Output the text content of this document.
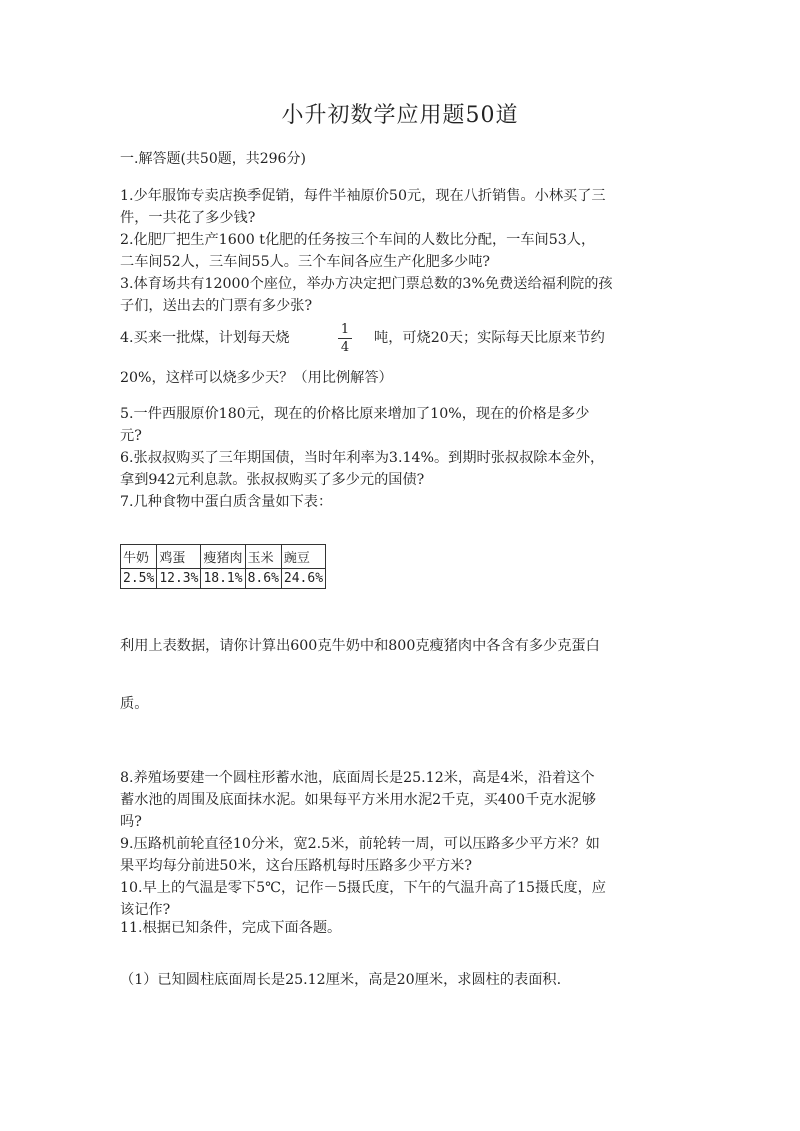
小升初数学应用题50道
一.解答题(共50题，共296分)
1.少年服饰专卖店换季促销，每件半袖原价50元，现在八折销售。小林买了三
件，一共花了多少钱?
2.化肥厂把生产1600 t化肥的任务按三个车间的人数比分配，一车间53人，
二车间52人，三车间55人。三个车间各应生产化肥多少吨?
3.体育场共有12000个座位，举办方决定把门票总数的3%免费送给福利院的孩
子们，送出去的门票有多少张?
4.买来一批煤，计划每天烧
1
4
吨，可烧20天；实际每天比原来节约
20%，这样可以烧多少天？（用比例解答）
5.一件西服原价180元，现在的价格比原来增加了10%，现在的价格是多少
元?
6.张叔叔购买了三年期国债，当时年利率为3.14%。到期时张叔叔除本金外，
拿到942元利息款。张叔叔购买了多少元的国债?
7.几种食物中蛋白质含量如下表：
牛奶	鸡蛋	瘦猪肉	玉米	豌豆
2.5%	12.3%	18.1%	8.6%	24.6%
利用上表数据，请你计算出600克牛奶中和800克瘦猪肉中各含有多少克蛋白
质。
8.养殖场要建一个圆柱形蓄水池，底面周长是25.12米，高是4米，沿着这个
蓄水池的周围及底面抹水泥。如果每平方米用水泥2千克，买400千克水泥够
吗?
9.压路机前轮直径10分米，宽2.5米，前轮转一周，可以压路多少平方米？如
果平均每分前进50米，这台压路机每时压路多少平方米?
10.早上的气温是零下5℃，记作－5摄氏度，下午的气温升高了15摄氏度，应
该记作?
11.根据已知条件，完成下面各题。
（1）已知圆柱底面周长是25.12厘米，高是20厘米，求圆柱的表面积.
